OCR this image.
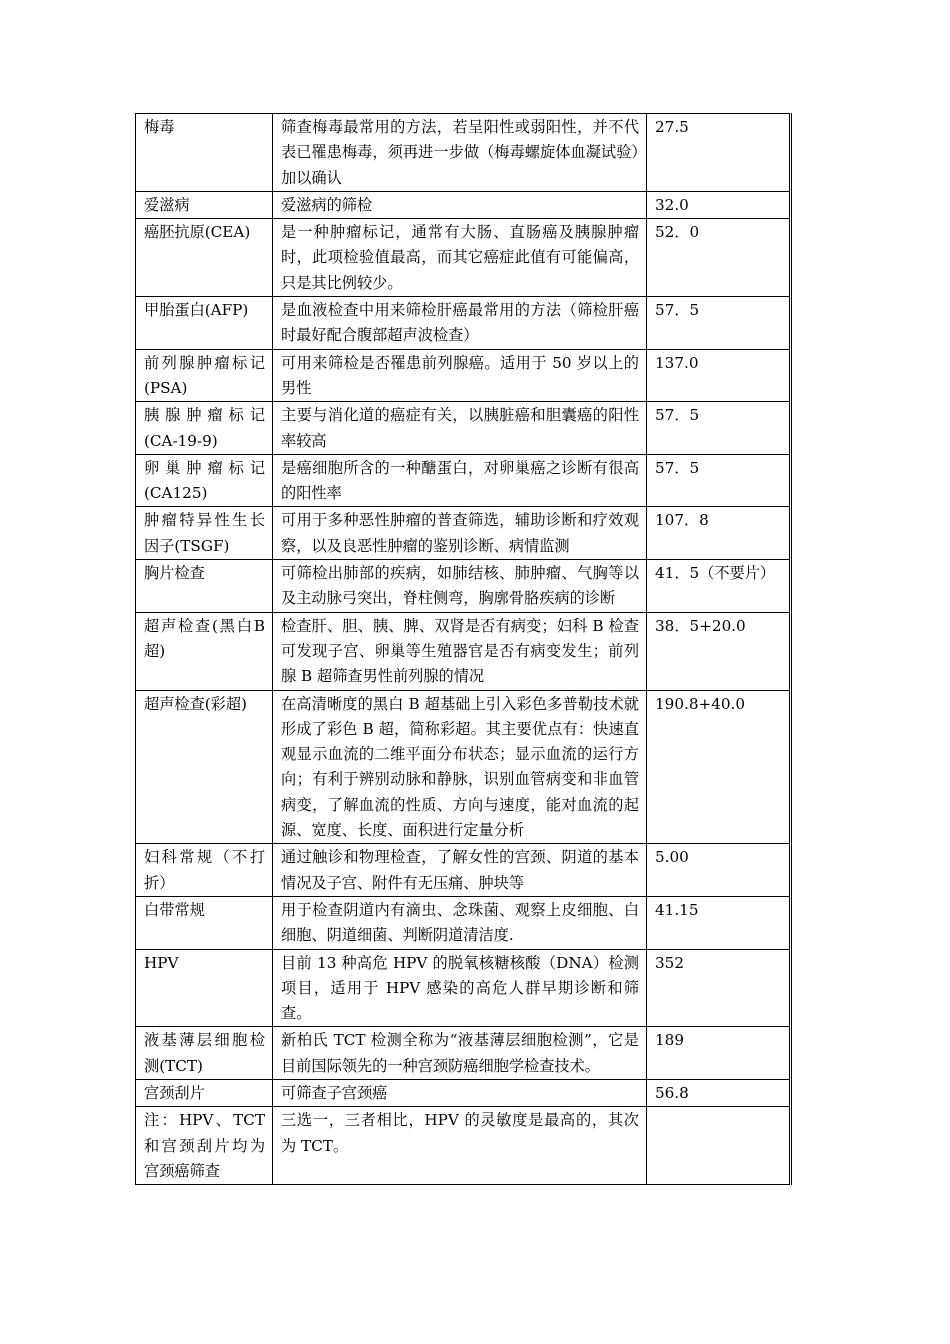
梅毒	筛查梅毒最常用的方法，若呈阳性或弱阳性，并不代表已罹患梅毒，须再进一步做（梅毒螺旋体血凝试验）加以确认	27.5
爱滋病	爱滋病的筛检	32.0
癌胚抗原(CEA)	是一种肿瘤标记，通常有大肠、直肠癌及胰腺肿瘤时，此项检验值最高，而其它癌症此值有可能偏高，只是其比例较少。	52．0
甲胎蛋白(AFP)	是血液检查中用来筛检肝癌最常用的方法（筛检肝癌时最好配合腹部超声波检查）	57．5
前列腺肿瘤标记(PSA)	可用来筛检是否罹患前列腺癌。适用于 50 岁以上的男性	137.0
胰腺肿瘤标记(CA-19-9)	主要与消化道的癌症有关，以胰脏癌和胆囊癌的阳性率较高	57．5
卵巢肿瘤标记(CA125)	是癌细胞所含的一种醣蛋白，对卵巢癌之诊断有很高的阳性率	57．5
肿瘤特异性生长因子(TSGF)	可用于多种恶性肿瘤的普查筛选，辅助诊断和疗效观察，以及良恶性肿瘤的鉴别诊断、病情监测	107．8
胸片检查	可筛检出肺部的疾病，如肺结核、肺肿瘤、气胸等以及主动脉弓突出，脊柱侧弯，胸廓骨胳疾病的诊断	41．5（不要片）
超声检查(黑白B 超)	检查肝、胆、胰、脾、双肾是否有病变；妇科 B 检查可发现子宫、卵巢等生殖器官是否有病变发生；前列腺 B 超筛查男性前列腺的情况	38．5+20.0
超声检查(彩超)	在高清晰度的黑白 B 超基础上引入彩色多普勒技术就形成了彩色 B 超，简称彩超。其主要优点有：快速直观显示血流的二维平面分布状态；显示血流的运行方向；有利于辨别动脉和静脉，识别血管病变和非血管病变，了解血流的性质、方向与速度，能对血流的起源、宽度、长度、面积进行定量分析	190.8+40.0
妇科常规（不打折）	通过触诊和物理检查，了解女性的宫颈、阴道的基本情况及子宫、附件有无压痛、肿块等	5.00
白带常规	用于检查阴道内有滴虫、念珠菌、观察上皮细胞、白细胞、阴道细菌、判断阴道清洁度.	41.15
HPV	目前 13 种高危 HPV 的脱氧核糖核酸（DNA）检测项目，适用于 HPV 感染的高危人群早期诊断和筛查。	352
液基薄层细胞检测(TCT)	新柏氏 TCT 检测全称为“液基薄层细胞检测”，它是目前国际领先的一种宫颈防癌细胞学检查技术。	189
宫颈刮片	可筛查子宫颈癌	56.8
注：HPV、TCT和宫颈刮片均为宫颈癌筛查	三选一，三者相比，HPV 的灵敏度是最高的，其次为 TCT。	
